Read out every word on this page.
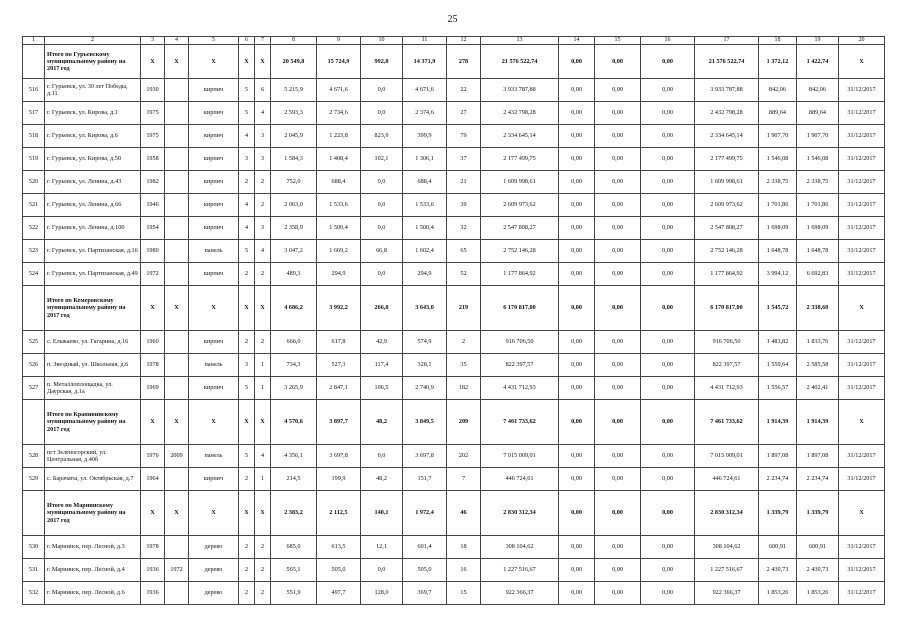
25
1	2	3	4	5	6	7	8	9	10	11	12	13	14	15	16	17	18	19	20
	Итого по Гурьевскому муниципальному району на 2017 год	X	X	X	X	X	20 549,8	15 724,9	992,8	14 371,9	278	21 576 522,74	0,00	0,00	0,00	21 576 522,74	1 372,12	1 422,74	X
516	г. Гурьевск, ул. 30 лет Победы, д.11	1930		кирпич	5	6	5 215,9	4 671,6	0,0	4 671,6	22	3 933 787,88	0,00	0,00	0,00	3 933 787,88	842,06	842,06	31/12/2017
517	г. Гурьевск, ул. Кирова, д.1	1975		кирпич	5	4	2 593,3	2 734,6	0,0	2 374,6	27	2 432 798,28	0,00	0,00	0,00	2 432 798,28	889,64	889,64	31/12/2017
518	г. Гурьевск, ул. Кирова, д.6	1975		кирпич	4	3	2 045,9	1 223,8	823,9	399,9	79	2 334 645,14	0,00	0,00	0,00	2 334 645,14	1 907,70	1 907,70	31/12/2017
519	г. Гурьевск, ул. Кирова, д.50	1958		кирпич	3	3	1 584,3	1 408,4	102,1	1 306,1	37	2 177 499,75	0,00	0,00	0,00	2 177 499,75	1 546,08	1 546,08	31/12/2017
520	г. Гурьевск, ул. Ленина, д.43	1982		кирпич	2	2	752,0	688,4	0,0	688,4	21	1 609 998,61	0,00	0,00	0,00	1 609 998,61	2 338,75	2 338,75	31/12/2017
521	г. Гурьевск, ул. Ленина, д.66	1946		кирпич	4	2	2 063,0	1 533,6	0,0	1 533,6	39	2 609 973,62	0,00	0,00	0,00	2 609 973,62	1 701,86	1 701,86	31/12/2017
522	г. Гурьевск, ул. Ленина, д.100	1954		кирпич	4	3	2 358,9	1 500,4	0,0	1 500,4	32	2 547 808,27	0,00	0,00	0,00	2 547 808,27	1 698,09	1 698,09	31/12/2017
523	г. Гурьевск, ул. Партизанская, д.16	1980		панель	5	4	3 047,2	1 669,2	66,8	1 602,4	65	2 752 146,28	0,00	0,00	0,00	2 752 146,28	1 648,78	1 648,78	31/12/2017
524	г. Гурьевск, ул. Партизанская, д.49	1972		кирпич	2	2	489,3	294,9	0,0	294,9	52	1 177 864,92	0,00	0,00	0,00	1 177 864,92	3 994,12	6 692,83	31/12/2017
	Итого по Кемеровскому муниципальному району на 2017 год	X	X	X	X	X	4 686,2	3 992,2	266,8	3 643,0	219	6 170 817,00	0,00	0,00	0,00	6 170 817,00	1 545,72	2 338,60	X
525	с. Елыкаево, ул. Гагарина, д.16	1960		кирпич	2	2	666,0	617,8	42,9	574,9	2	916 706,50	0,00	0,00	0,00	916 706,50	1 483,82	1 833,76	31/12/2017
526	п. Звездный, ул. Школьная, д.6	1978		панель	3	1	734,3	527,3	117,4	328,1	35	822 397,57	0,00	0,00	0,00	822 397,57	1 559,64	2 585,58	31/12/2017
527	п. Металлоплощадка, ул. Даурская, д.1а	1969		кирпич	5	1	3 265,9	2 847,1	106,5	2 740,9	182	4 431 712,93	0,00	0,00	0,00	4 431 712,93	1 556,57	2 402,41	31/12/2017
	Итого по Крапивинскому муниципальному району на 2017 год	X	X	X	X	X	4 570,6	3 897,7	48,2	3 849,5	209	7 461 733,62	0,00	0,00	0,00	7 461 733,62	1 914,39	1 914,39	X
528	пгт Зеленогорский, ул. Центральная, д.40б	1976	2009	панель	5	4	4 356,1	3 697,8	0,0	3 697,8	202	7 015 009,01	0,00	0,00	0,00	7 015 009,01	1 897,08	1 897,08	31/12/2017
529	с. Барачаты, ул. Октябрьская, д.7	1964		кирпич	2	1	214,5	199,9	48,2	151,7	7	446 724,61	0,00	0,00	0,00	446 724,61	2 234,74	2 234,74	31/12/2017
	Итого по Мариинскому муниципальному району на 2017 год	X	X	X	X	X	2 383,2	2 112,5	140,1	1 972,4	46	2 830 312,34	0,00	0,00	0,00	2 830 312,34	1 339,79	1 339,79	X
530	г. Мариинск, пер. Лесной, д.3	1978		дерево	2	2	685,0	613,5	12,1	601,4	18	308 104,62	0,00	0,00	0,00	308 104,62	600,91	600,91	31/12/2017
531	г. Мариинск, пер. Лесной, д.4	1936	1972	дерево	2	2	565,1	505,0	0,0	505,0	16	1 227 516,67	0,00	0,00	0,00	1 227 516,67	2 430,73	2 430,73	31/12/2017
532	г. Мариинск, пер. Лесной, д.6	1936		дерево	2	2	551,9	497,7	128,0	369,7	15	922 366,37	0,00	0,00	0,00	922 366,37	1 853,26	1 853,26	31/12/2017
